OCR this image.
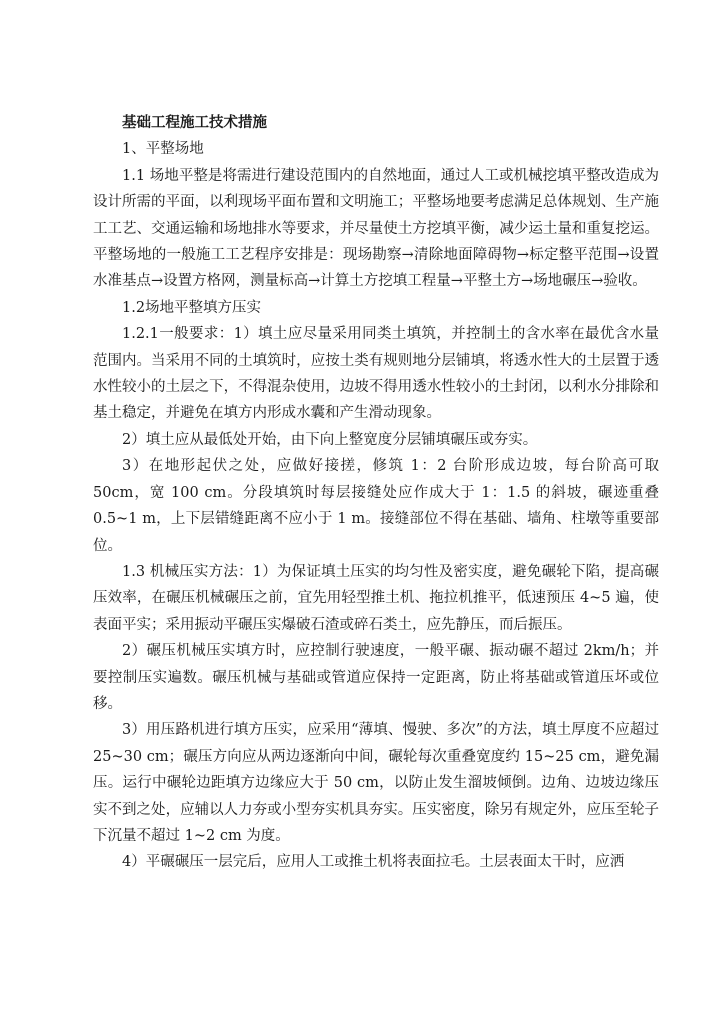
基础工程施工技术措施

1、平整场地

1.1 场地平整是将需进行建设范围内的自然地面，通过人工或机械挖填平整改造成为设计所需的平面，以利现场平面布置和文明施工；平整场地要考虑满足总体规划、生产施工工艺、交通运输和场地排水等要求，并尽量使土方挖填平衡，减少运土量和重复挖运。平整场地的一般施工工艺程序安排是：现场勘察→清除地面障碍物→标定整平范围→设置水准基点→设置方格网，测量标高→计算土方挖填工程量→平整土方→场地碾压→验收。

1.2场地平整填方压实

1.2.1一般要求：1）填土应尽量采用同类土填筑，并控制土的含水率在最优含水量范围内。当采用不同的土填筑时，应按土类有规则地分层铺填，将透水性大的土层置于透水性较小的土层之下，不得混杂使用，边坡不得用透水性较小的土封闭，以利水分排除和基土稳定，并避免在填方内形成水囊和产生滑动现象。

2）填土应从最低处开始，由下向上整宽度分层铺填碾压或夯实。

3）在地形起伏之处，应做好接搓，修筑 1：2 台阶形成边坡，每台阶高可取 50cm，宽 100 cm。分段填筑时每层接缝处应作成大于 1：1.5 的斜坡，碾迹重叠 0.5~1 m，上下层错缝距离不应小于 1 m。接缝部位不得在基础、墙角、柱墩等重要部位。

1.3 机械压实方法：1）为保证填土压实的均匀性及密实度，避免碾轮下陷，提高碾压效率，在碾压机械碾压之前，宜先用轻型推土机、拖拉机推平，低速预压 4~5 遍，使表面平实；采用振动平碾压实爆破石渣或碎石类土，应先静压，而后振压。

2）碾压机械压实填方时，应控制行驶速度，一般平碾、振动碾不超过 2km/h；并要控制压实遍数。碾压机械与基础或管道应保持一定距离，防止将基础或管道压坏或位移。

3）用压路机进行填方压实，应采用“薄填、慢驶、多次”的方法，填土厚度不应超过 25~30 cm；碾压方向应从两边逐渐向中间，碾轮每次重叠宽度约 15~25 cm，避免漏压。运行中碾轮边距填方边缘应大于 50 cm，以防止发生溜坡倾倒。边角、边坡边缘压实不到之处，应辅以人力夯或小型夯实机具夯实。压实密度，除另有规定外，应压至轮子下沉量不超过 1~2 cm 为度。

4）平碾碾压一层完后，应用人工或推土机将表面拉毛。土层表面太干时，应洒
